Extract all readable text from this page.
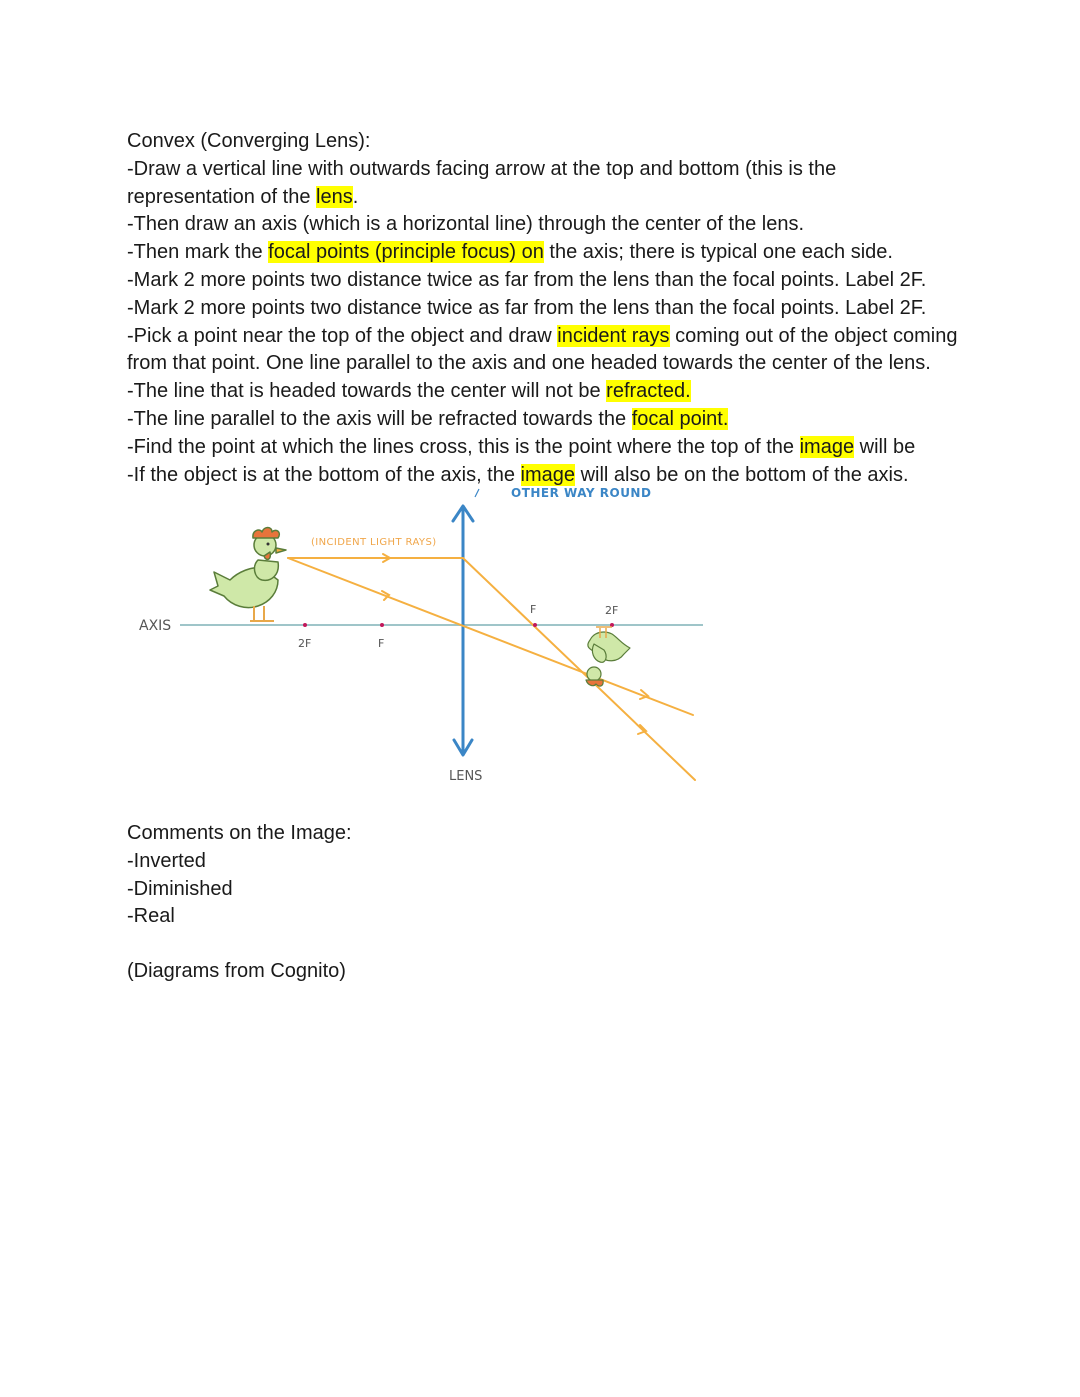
Convex (Converging Lens):
-Draw a vertical line with outwards facing arrow at the top and bottom (this is the
representation of the lens.
-Then draw an axis (which is a horizontal line) through the center of the lens.
-Then mark the focal points (principle focus) on the axis; there is typical one each side.
-Mark 2 more points two distance twice as far from the lens than the focal points. Label 2F.
-Mark 2 more points two distance twice as far from the lens than the focal points. Label 2F.
-Pick a point near the top of the object and draw incident rays coming out of the object coming
from that point. One line parallel to the axis and one headed towards the center of the lens.
-The line that is headed towards the center will not be refracted.
-The line parallel to the axis will be refracted towards the focal point.
-Find the point at which the lines cross, this is the point where the top of the image will be
-If the object is at the bottom of the axis, the image will also be on the bottom of the axis.
AXIS
LENS
OTHER WAY ROUND
(INCIDENT LIGHT RAYS)
2F	F
F	2F
Comments on the Image:
-Inverted
-Diminished
-Real
(Diagrams from Cognito)
